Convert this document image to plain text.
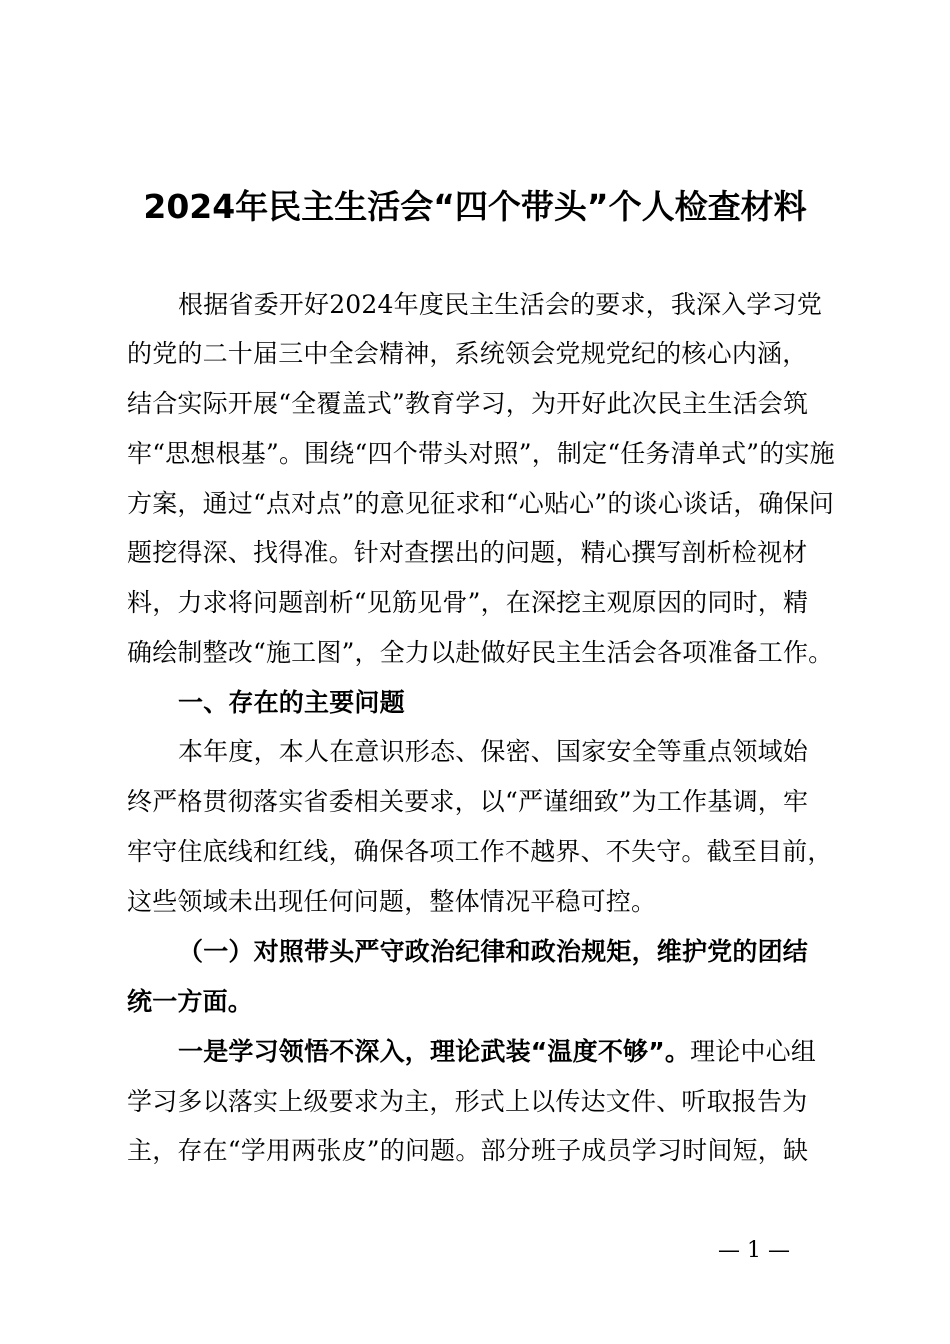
2024年民主生活会“四个带头”个人检查材料
根据省委开好2024年度民主生活会的要求，我深入学习党
的党的二十届三中全会精神，系统领会党规党纪的核心内涵，
结合实际开展“全覆盖式”教育学习，为开好此次民主生活会筑
牢“思想根基”。围绕“四个带头对照”，制定“任务清单式”的实施
方案，通过“点对点”的意见征求和“心贴心”的谈心谈话，确保问
题挖得深、找得准。针对查摆出的问题，精心撰写剖析检视材
料，力求将问题剖析“见筋见骨”，在深挖主观原因的同时，精
确绘制整改“施工图”，全力以赴做好民主生活会各项准备工作。
一、存在的主要问题
本年度，本人在意识形态、保密、国家安全等重点领域始
终严格贯彻落实省委相关要求，以“严谨细致”为工作基调，牢
牢守住底线和红线，确保各项工作不越界、不失守。截至目前，
这些领域未出现任何问题，整体情况平稳可控。
（一）对照带头严守政治纪律和政治规矩，维护党的团结
统一方面。
一是学习领悟不深入，理论武装“温度不够”。理论中心组
学习多以落实上级要求为主，形式上以传达文件、听取报告为
主，存在“学用两张皮”的问题。部分班子成员学习时间短，缺
— 1 —
